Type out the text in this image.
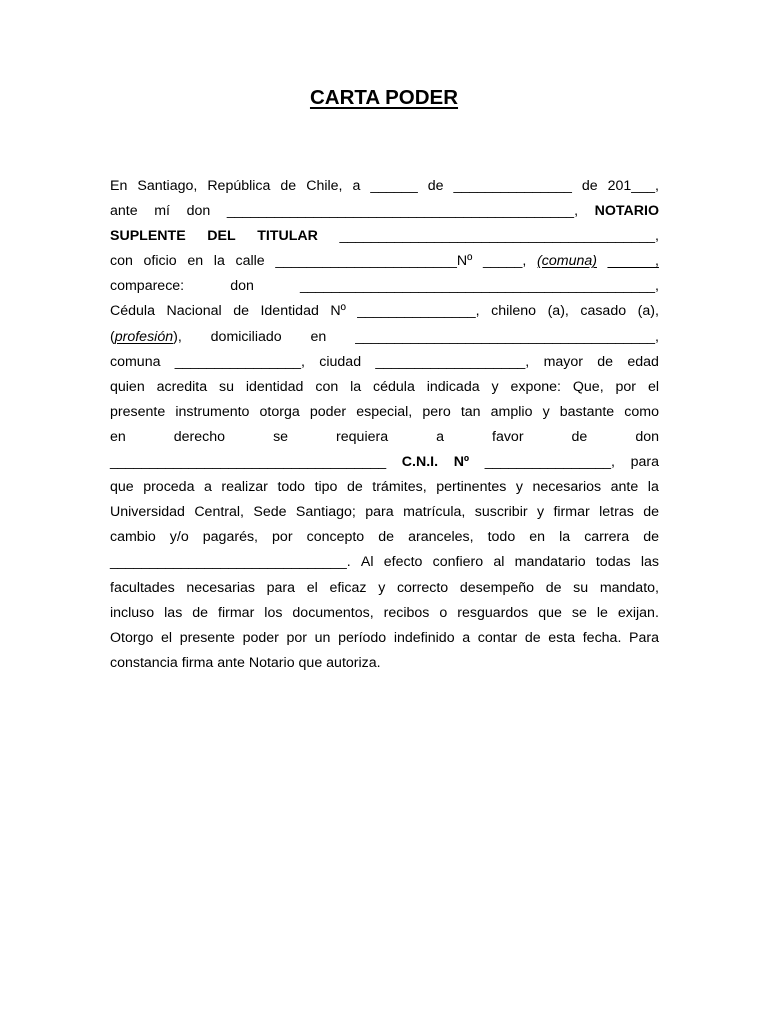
CARTA PODER
En Santiago, República de Chile, a ______ de _______________ de 201___,
ante mí don ____________________________________________, NOTARIO
SUPLENTE DEL TITULAR ________________________________________,
con oficio en la calle _______________________Nº _____, (comuna) ______,
comparece:	don	_____________________________________________,
Cédula Nacional de Identidad Nº _______________, chileno (a), casado (a),
(profesión), domiciliado en ______________________________________,
comuna ________________, ciudad ___________________, mayor de edad
quien acredita su identidad con la cédula indicada y expone: Que, por el
presente instrumento otorga poder especial, pero tan amplio y bastante como
en	derecho	se	requiera	a	favor	de	don
___________________________________ C.N.I. Nº ________________, para
que proceda a realizar todo tipo de trámites, pertinentes y necesarios ante la
Universidad Central, Sede Santiago; para matrícula, suscribir y firmar letras de
cambio y/o pagarés, por concepto de aranceles, todo en la carrera de
______________________________. Al efecto confiero al mandatario todas las
facultades necesarias para el eficaz y correcto desempeño de su mandato,
incluso las de firmar los documentos, recibos o resguardos que se le exijan.
Otorgo el presente poder por un período indefinido a contar de esta fecha. Para
constancia firma ante Notario que autoriza.
